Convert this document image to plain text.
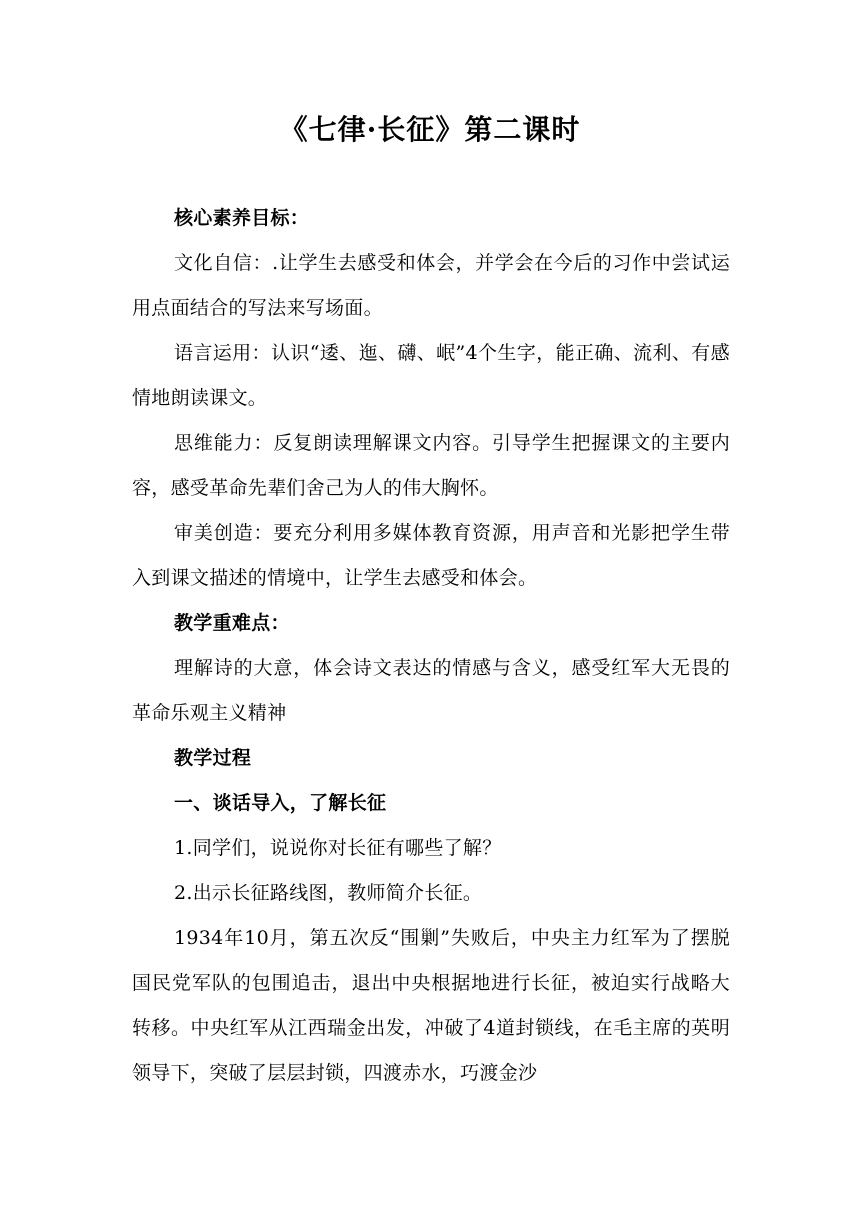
《七律·长征》第二课时

核心素养目标：

文化自信：.让学生去感受和体会，并学会在今后的习作中尝试运用点面结合的写法来写场面。

语言运用：认识“逶、迤、礴、岷”4个生字，能正确、流利、有感情地朗读课文。

思维能力：反复朗读理解课文内容。引导学生把握课文的主要内容，感受革命先辈们舍己为人的伟大胸怀。

审美创造：要充分利用多媒体教育资源，用声音和光影把学生带入到课文描述的情境中，让学生去感受和体会。

教学重难点：

理解诗的大意，体会诗文表达的情感与含义，感受红军大无畏的革命乐观主义精神

教学过程

一、谈话导入，了解长征

1.同学们，说说你对长征有哪些了解？

2.出示长征路线图，教师简介长征。

1934年10月，第五次反“围剿”失败后，中央主力红军为了摆脱国民党军队的包围追击，退出中央根据地进行长征，被迫实行战略大转移。中央红军从江西瑞金出发，冲破了4道封锁线，在毛主席的英明领导下，突破了层层封锁，四渡赤水，巧渡金沙
